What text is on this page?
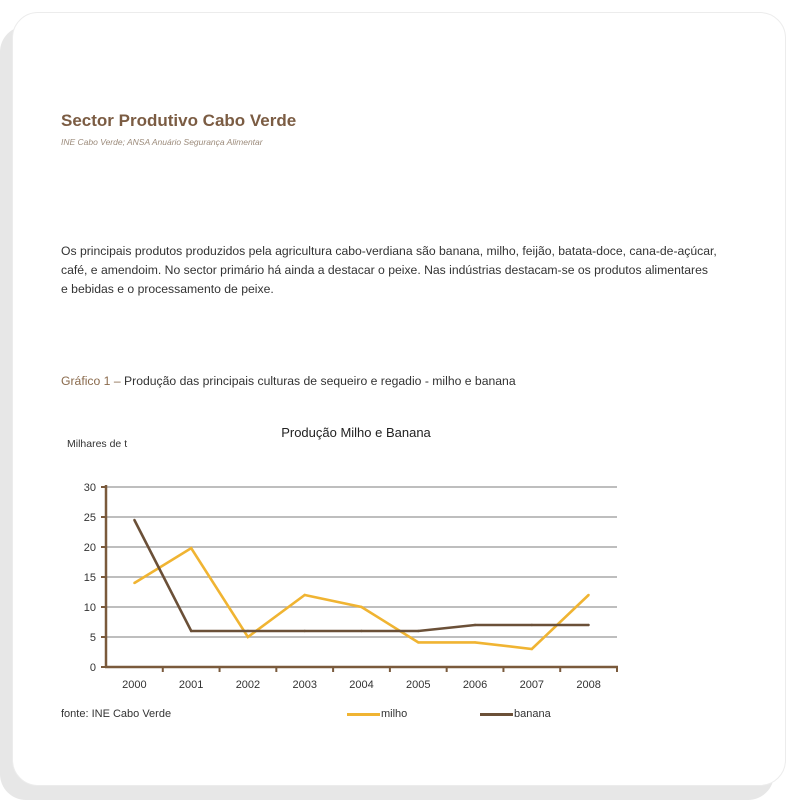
Sector Produtivo Cabo Verde
INE Cabo Verde; ANSA Anuário Segurança Alimentar
Os principais produtos produzidos pela agricultura cabo-verdiana são banana, milho, feijão, batata-doce, cana-de-açúcar,
café, e amendoim. No sector primário há ainda a destacar o peixe. Nas indústrias destacam-se os produtos alimentares
e bebidas e o processamento de peixe.
Gráfico 1 – Produção das principais culturas de sequeiro e regadio - milho e banana
Produção Milho e Banana
Milhares de t
0
5
10
15
20
25
30
2000	2001	2002	2003	2004	2005	2006	2007	2008
fonte: INE Cabo Verde	milho	banana
